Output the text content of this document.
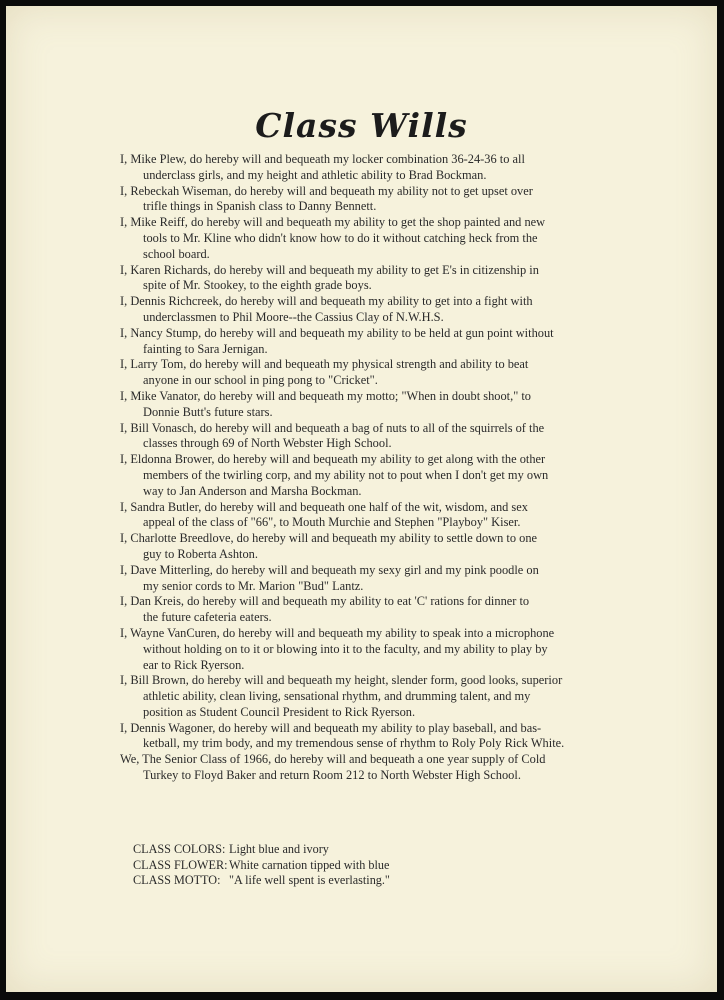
Class Wills
I, Mike Plew, do hereby will and bequeath my locker combination 36-24-36 to all
underclass girls, and my height and athletic ability to Brad Bockman.
I, Rebeckah Wiseman, do hereby will and bequeath my ability not to get upset over
trifle things in Spanish class to Danny Bennett.
I, Mike Reiff, do hereby will and bequeath my ability to get the shop painted and new
tools to Mr. Kline who didn't know how to do it without catching heck from the
school board.
I, Karen Richards, do hereby will and bequeath my ability to get E's in citizenship in
spite of Mr. Stookey, to the eighth grade boys.
I, Dennis Richcreek, do hereby will and bequeath my ability to get into a fight with
underclassmen to Phil Moore--the Cassius Clay of N.W.H.S.
I, Nancy Stump, do hereby will and bequeath my ability to be held at gun point without
fainting to Sara Jernigan.
I, Larry Tom, do hereby will and bequeath my physical strength and ability to beat
anyone in our school in ping pong to "Cricket".
I, Mike Vanator, do hereby will and bequeath my motto; "When in doubt shoot," to
Donnie Butt's future stars.
I, Bill Vonasch, do hereby will and bequeath a bag of nuts to all of the squirrels of the
classes through 69 of North Webster High School.
I, Eldonna Brower, do hereby will and bequeath my ability to get along with the other
members of the twirling corp, and my ability not to pout when I don't get my own
way to Jan Anderson and Marsha Bockman.
I, Sandra Butler, do hereby will and bequeath one half of the wit, wisdom, and sex
appeal of the class of "66", to Mouth Murchie and Stephen "Playboy" Kiser.
I, Charlotte Breedlove, do hereby will and bequeath my ability to settle down to one
guy to Roberta Ashton.
I, Dave Mitterling, do hereby will and bequeath my sexy girl and my pink poodle on
my senior cords to Mr. Marion "Bud" Lantz.
I, Dan Kreis, do hereby will and bequeath my ability to eat 'C' rations for dinner to
the future cafeteria eaters.
I, Wayne VanCuren, do hereby will and bequeath my ability to speak into a microphone
without holding on to it or blowing into it to the faculty, and my ability to play by
ear to Rick Ryerson.
I, Bill Brown, do hereby will and bequeath my height, slender form, good looks, superior
athletic ability, clean living, sensational rhythm, and drumming talent, and my
position as Student Council President to Rick Ryerson.
I, Dennis Wagoner, do hereby will and bequeath my ability to play baseball, and bas-
ketball, my trim body, and my tremendous sense of rhythm to Roly Poly Rick White.
We, The Senior Class of 1966, do hereby will and bequeath a one year supply of Cold
Turkey to Floyd Baker and return Room 212 to North Webster High School.
CLASS COLORS: Light blue and ivory
CLASS FLOWER: White carnation tipped with blue
CLASS MOTTO: "A life well spent is everlasting."
